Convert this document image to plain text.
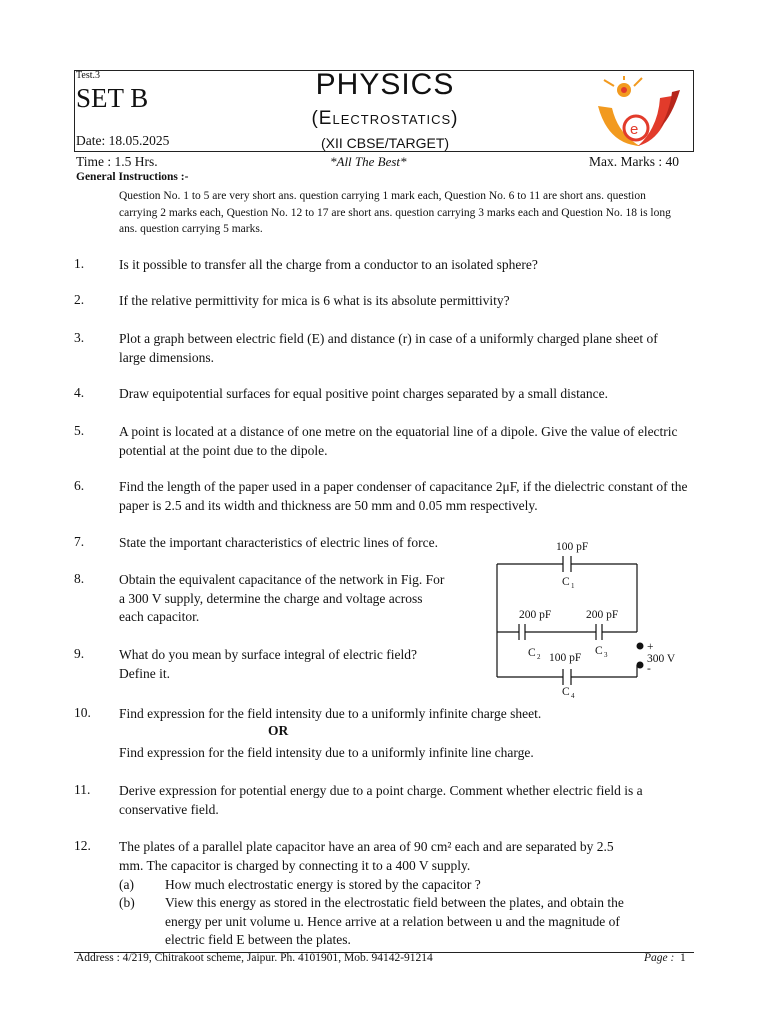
Test.3
SET B
Date: 18.05.2025
PHYSICS
(Electrostatics)
(XII CBSE/TARGET)
e
Time : 1.5 Hrs.	*All The Best*	Max. Marks : 40
General Instructions :-
Question No. 1 to 5 are very short ans. question carrying 1 mark each, Question No. 6 to 11 are short ans. question carrying 2 marks each, Question No. 12 to 17 are short ans. question carrying 3 marks each and Question No. 18 is long ans. question carrying 5 marks.
1.	Is it possible to transfer all the charge from a conductor to an isolated sphere?
2.	If the relative permittivity for mica is 6 what is its absolute permittivity?
3.	Plot a graph between electric field (E) and distance (r) in case of a uniformly charged plane sheet of large dimensions.
4.	Draw equipotential surfaces for equal positive point charges separated by a small distance.
5.	A point is located at a distance of one metre on the equatorial line of a dipole. Give the value of electric potential at the point due to the dipole.
6.	Find the length of the paper used in a paper condenser of capacitance 2μF, if the dielectric constant of the paper is 2.5 and its width and thickness are 50 mm and 0.05 mm respectively.
7.	State the important characteristics of electric lines of force.
8.	Obtain the equivalent capacitance of the network in Fig. For a 300 V supply, determine the charge and voltage across each capacitor.
9.	What do you mean by surface integral of electric field? Define it.
10. Find expression for the field intensity due to a uniformly infinite charge sheet.
OR
Find expression for the field intensity due to a uniformly infinite line charge.
11. Derive expression for potential energy due to a point charge. Comment whether electric field is a conservative field.
12. The plates of a parallel plate capacitor have an area of 90 cm² each and are separated by 2.5 mm. The capacitor is charged by connecting it to a 400 V supply.
(a) How much electrostatic energy is stored by the capacitor ?
(b) View this energy as stored in the electrostatic field between the plates, and obtain the energy per unit volume u. Hence arrive at a relation between u and the magnitude of electric field E between the plates.
100 pF
C 1
200 pF
C 2
200 pF
C 3
100 pF
C 4
+
300 V
-
Address : 4/219, Chitrakoot scheme, Jaipur. Ph. 4101901, Mob. 94142-91214	Page : 1
